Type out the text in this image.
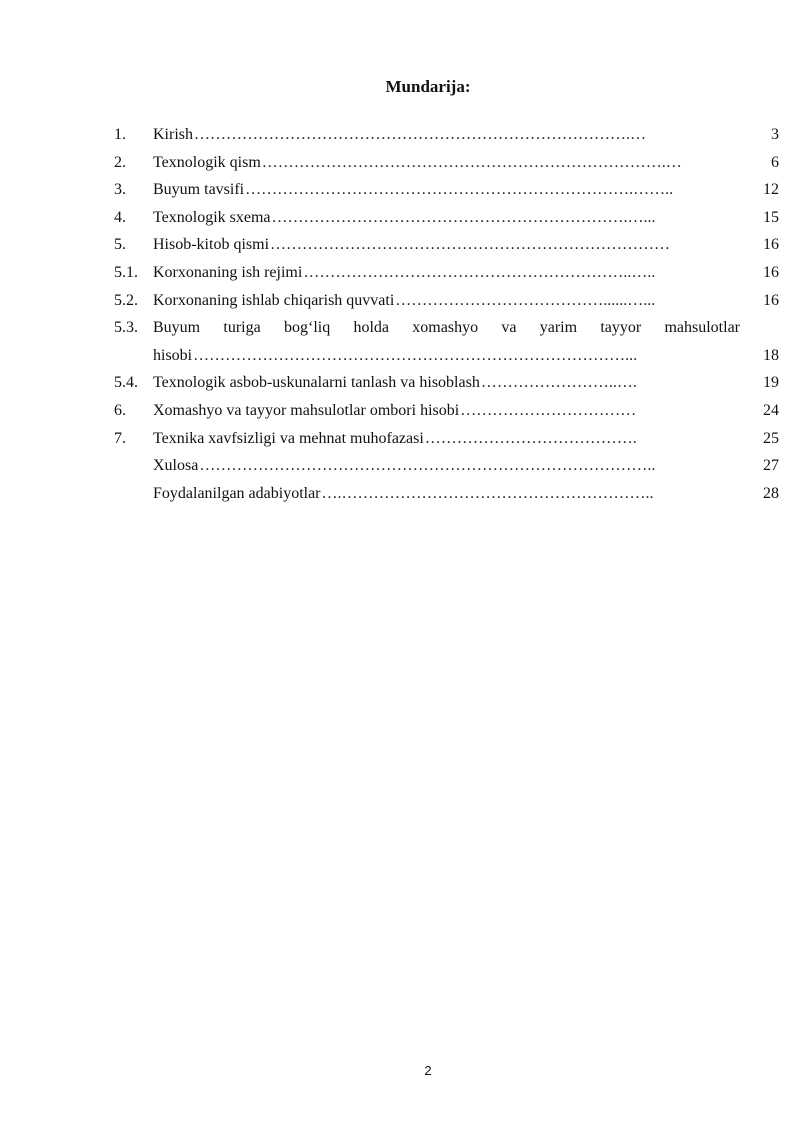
Mundarija:
1.	Kirish ……………………………………………………………………….…	3
2.	Texnologik qism ………………………………………………………………….…	6
3.	Buyum tavsifi ……………………………………………………………….……..	12
4.	Texnologik sxema ………………………………………………………….…...	15
5.	Hisob-kitob qismi …………………………………………………………………	16
5.1. Korxonaning ish rejimi ……………………………………………………..…..	16
5.2. Korxonaning ishlab chiqarish quvvati …………………………………......…...	16
5.3. Buyum turiga bog‘liq holda xomashyo va yarim tayyor mahsulotlar
hisobi ………………………………………………………………………...	18
5.4. Texnologik asbob-uskunalarni tanlash va hisoblash ……………………..….	19
6.	Xomashyo va tayyor mahsulotlar ombori hisobi ……………………………	24
7.	Texnika xavfsizligi va mehnat muhofazasi ………………………………….	25
Xulosa …………………………………………………………………………..	27
Foydalanilgan adabiyotlar ….…………………………………………………..	28
2
